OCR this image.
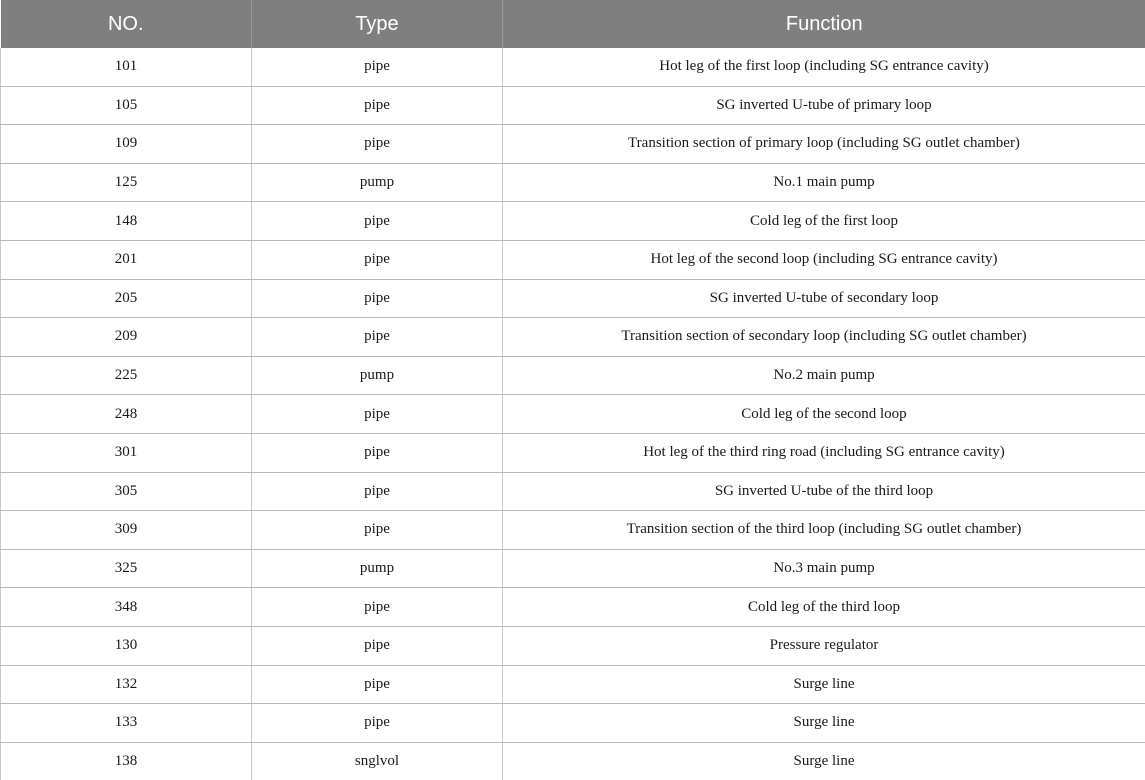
NO.	Type	Function
101	pipe	Hot leg of the first loop (including SG entrance cavity)
105	pipe	SG inverted U-tube of primary loop
109	pipe	Transition section of primary loop (including SG outlet chamber)
125	pump	No.1 main pump
148	pipe	Cold leg of the first loop
201	pipe	Hot leg of the second loop (including SG entrance cavity)
205	pipe	SG inverted U-tube of secondary loop
209	pipe	Transition section of secondary loop (including SG outlet chamber)
225	pump	No.2 main pump
248	pipe	Cold leg of the second loop
301	pipe	Hot leg of the third ring road (including SG entrance cavity)
305	pipe	SG inverted U-tube of the third loop
309	pipe	Transition section of the third loop (including SG outlet chamber)
325	pump	No.3 main pump
348	pipe	Cold leg of the third loop
130	pipe	Pressure regulator
132	pipe	Surge line
133	pipe	Surge line
138	snglvol	Surge line
